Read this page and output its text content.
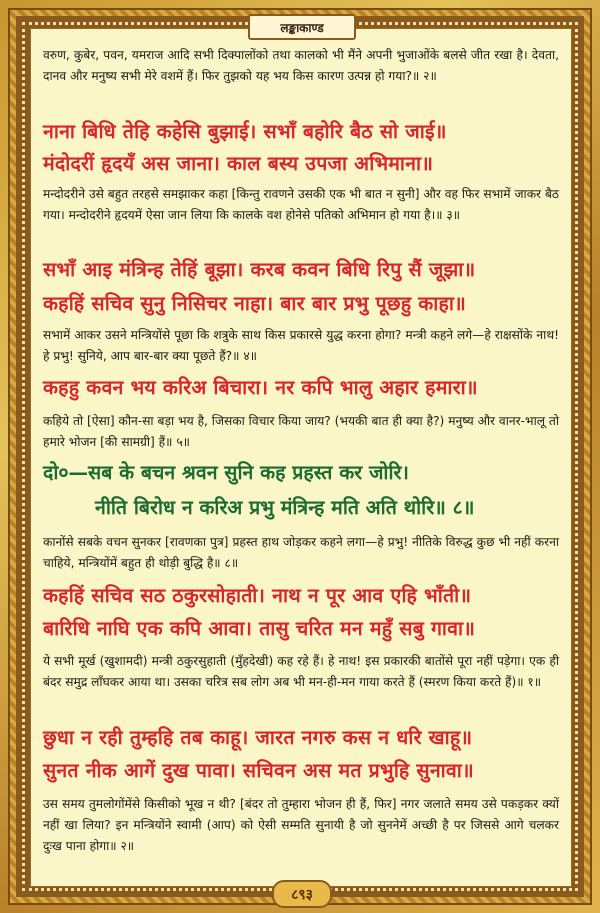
लङ्काकाण्ड

वरुण, कुबेर, पवन, यमराज आदि सभी दिक्पालोंको तथा कालको भी मैंने अपनी भुजाओंके बलसे जीत रखा है। देवता, दानव और मनुष्य सभी मेरे वशमें हैं। फिर तुझको यह भय किस कारण उत्पन्न हो गया?॥ २॥

नाना बिधि तेहि कहेसि बुझाई। सभाँ बहोरि बैठ सो जाई॥

मंदोदरीं हृदयँ अस जाना। काल बस्य उपजा अभिमाना॥

मन्दोदरीने उसे बहुत तरहसे समझाकर कहा [किन्तु रावणने उसकी एक भी बात न सुनी] और वह फिर सभामें जाकर बैठ गया। मन्दोदरीने हृदयमें ऐसा जान लिया कि कालके वश होनेसे पतिको अभिमान हो गया है।॥ ३॥

सभाँ आइ मंत्रिन्ह तेहिं बूझा। करब कवन बिधि रिपु सैं जूझा॥

कहहिं सचिव सुनु निसिचर नाहा। बार बार प्रभु पूछहु काहा॥

सभामें आकर उसने मन्त्रियोंसे पूछा कि शत्रुके साथ किस प्रकारसे युद्ध करना होगा? मन्त्री कहने लगे—हे राक्षसोंके नाथ! हे प्रभु! सुनिये, आप बार-बार क्या पूछते हैं?॥ ४॥

कहहु कवन भय करिअ बिचारा। नर कपि भालु अहार हमारा॥

कहिये तो [ऐसा] कौन-सा बड़ा भय है, जिसका विचार किया जाय? (भयकी बात ही क्या है?) मनुष्य और वानर-भालू तो हमारे भोजन [की सामग्री] हैं॥ ५॥

दो०—सब के बचन श्रवन सुनि कह प्रहस्त कर जोरि।

नीति बिरोध न करिअ प्रभु मंत्रिन्ह मति अति थोरि॥ ८॥

कानोंसे सबके वचन सुनकर [रावणका पुत्र] प्रहस्त हाथ जोड़कर कहने लगा—हे प्रभु! नीतिके विरुद्ध कुछ भी नहीं करना चाहिये, मन्त्रियोंमें बहुत ही थोड़ी बुद्धि है॥ ८॥

कहहिं सचिव सठ ठकुरसोहाती। नाथ न पूर आव एहि भाँती॥

बारिधि नाघि एक कपि आवा। तासु चरित मन महुँ सबु गावा॥

ये सभी मूर्ख (खुशामदी) मन्त्री ठकुरसुहाती (मुँहदेखी) कह रहे हैं। हे नाथ! इस प्रकारकी बातोंसे पूरा नहीं पड़ेगा। एक ही बंदर समुद्र लाँघकर आया था। उसका चरित्र सब लोग अब भी मन-ही-मन गाया करते हैं (स्मरण किया करते हैं)॥ १॥

छुधा न रही तुम्हहि तब काहू। जारत नगरु कस न धरि खाहू॥

सुनत नीक आगें दुख पावा। सचिवन अस मत प्रभुहि सुनावा॥

उस समय तुमलोगोंमेंसे किसीको भूख न थी? [बंदर तो तुम्हारा भोजन ही हैं, फिर] नगर जलाते समय उसे पकड़कर क्यों नहीं खा लिया? इन मन्त्रियोंने स्वामी (आप) को ऐसी सम्मति सुनायी है जो सुननेमें अच्छी है पर जिससे आगे चलकर दुःख पाना होगा॥ २॥

८९३
